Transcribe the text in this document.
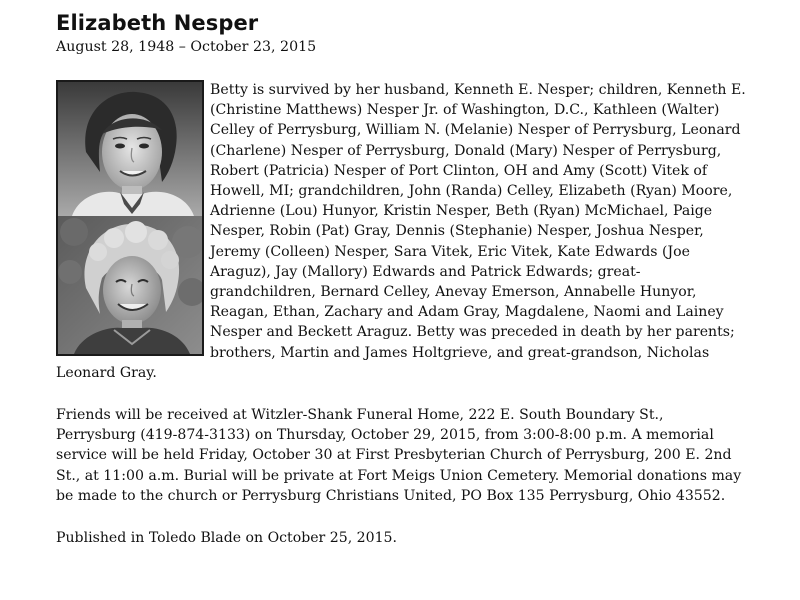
Elizabeth Nesper
August 28, 1948 – October 23, 2015

Betty is survived by her husband, Kenneth E. Nesper; children, Kenneth E. (Christine Matthews) Nesper Jr. of Washington, D.C., Kathleen (Walter) Celley of Perrysburg, William N. (Melanie) Nesper of Perrysburg, Leonard (Charlene) Nesper of Perrysburg, Donald (Mary) Nesper of Perrysburg, Robert (Patricia) Nesper of Port Clinton, OH and Amy (Scott) Vitek of Howell, MI; grandchildren, John (Randa) Celley, Elizabeth (Ryan) Moore, Adrienne (Lou) Hunyor, Kristin Nesper, Beth (Ryan) McMichael, Paige Nesper, Robin (Pat) Gray, Dennis (Stephanie) Nesper, Joshua Nesper, Jeremy (Colleen) Nesper, Sara Vitek, Eric Vitek, Kate Edwards (Joe Araguz), Jay (Mallory) Edwards and Patrick Edwards; great-grandchildren, Bernard Celley, Anevay Emerson, Annabelle Hunyor, Reagan, Ethan, Zachary and Adam Gray, Magdalene, Naomi and Lainey Nesper and Beckett Araguz. Betty was preceded in death by her parents; brothers, Martin and James Holtgrieve, and great-grandson, Nicholas Leonard Gray.

Friends will be received at Witzler-Shank Funeral Home, 222 E. South Boundary St., Perrysburg (419-874-3133) on Thursday, October 29, 2015, from 3:00-8:00 p.m. A memorial service will be held Friday, October 30 at First Presbyterian Church of Perrysburg, 200 E. 2nd St., at 11:00 a.m. Burial will be private at Fort Meigs Union Cemetery. Memorial donations may be made to the church or Perrysburg Christians United, PO Box 135 Perrysburg, Ohio 43552.

Published in Toledo Blade on October 25, 2015.
